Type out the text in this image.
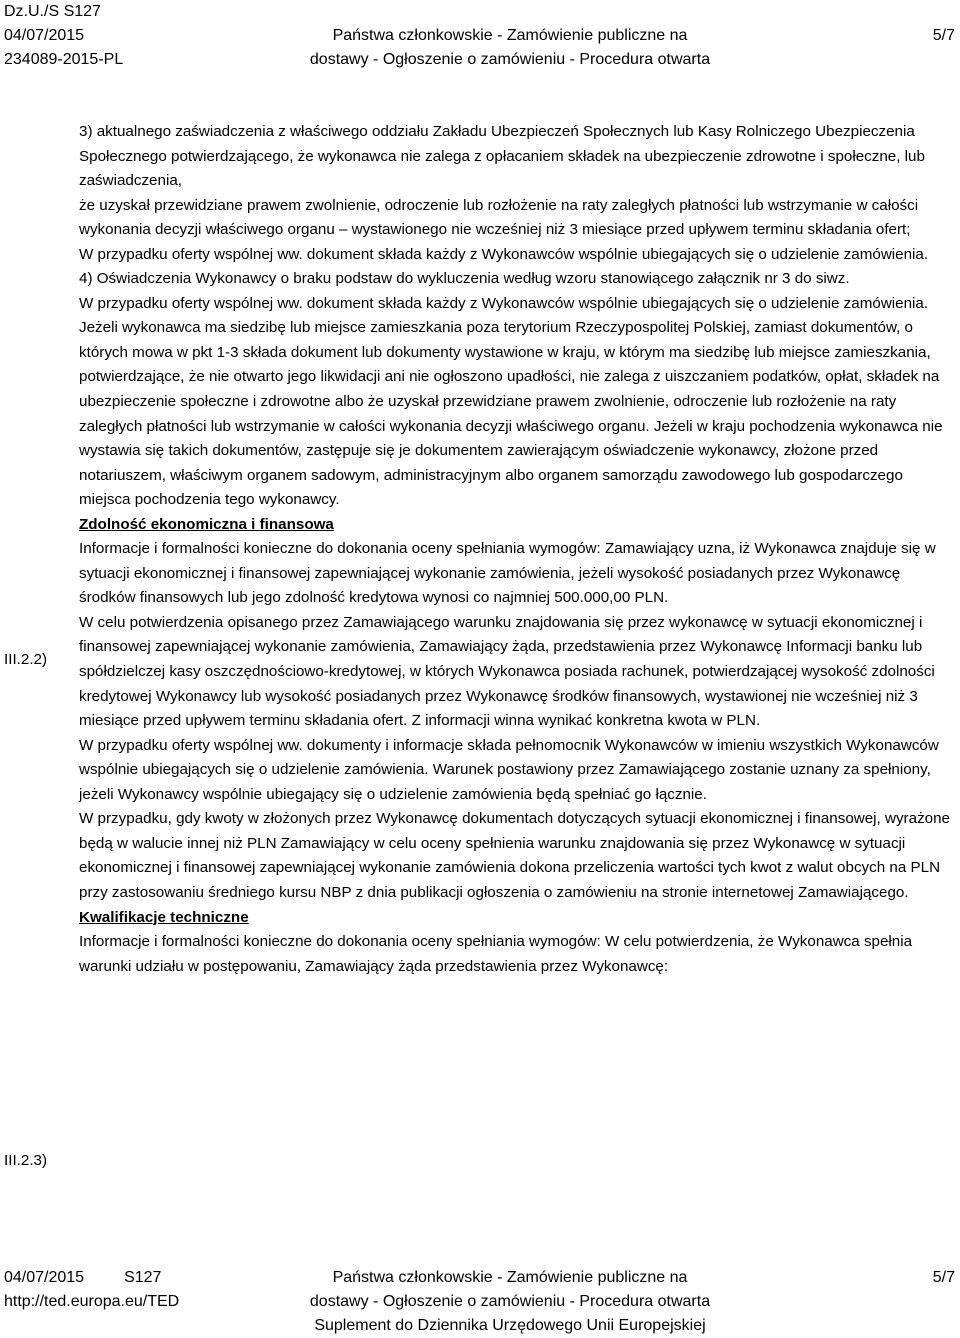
Dz.U./S S127
04/07/2015
234089-2015-PL
Państwa członkowskie - Zamówienie publiczne na
dostawy - Ogłoszenie o zamówieniu - Procedura otwarta
5/7
III.2.2)
III.2.3)

3) aktualnego zaświadczenia z właściwego oddziału Zakładu Ubezpieczeń Społecznych lub Kasy Rolniczego Ubezpieczenia Społecznego potwierdzającego, że wykonawca nie zalega z opłacaniem składek na ubezpieczenie zdrowotne i społeczne, lub zaświadczenia,

że uzyskał przewidziane prawem zwolnienie, odroczenie lub rozłożenie na raty zaległych płatności lub wstrzymanie w całości wykonania decyzji właściwego organu – wystawionego nie wcześniej niż 3 miesiące przed upływem terminu składania ofert;

W przypadku oferty wspólnej ww. dokument składa każdy z Wykonawców wspólnie ubiegających się o udzielenie zamówienia.

4) Oświadczenia Wykonawcy o braku podstaw do wykluczenia według wzoru stanowiącego załącznik nr 3 do siwz.

W przypadku oferty wspólnej ww. dokument składa każdy z Wykonawców wspólnie ubiegających się o udzielenie zamówienia.

Jeżeli wykonawca ma siedzibę lub miejsce zamieszkania poza terytorium Rzeczypospolitej Polskiej, zamiast dokumentów, o których mowa w pkt 1-3 składa dokument lub dokumenty wystawione w kraju, w którym ma siedzibę lub miejsce zamieszkania, potwierdzające, że nie otwarto jego likwidacji ani nie ogłoszono upadłości, nie zalega z uiszczaniem podatków, opłat, składek na ubezpieczenie społeczne i zdrowotne albo że uzyskał przewidziane prawem zwolnienie, odroczenie lub rozłożenie na raty zaległych płatności lub wstrzymanie w całości wykonania decyzji właściwego organu. Jeżeli w kraju pochodzenia wykonawca nie wystawia się takich dokumentów, zastępuje się je dokumentem zawierającym oświadczenie wykonawcy, złożone przed notariuszem, właściwym organem sadowym, administracyjnym albo organem samorządu zawodowego lub gospodarczego miejsca pochodzenia tego wykonawcy.

Zdolność ekonomiczna i finansowa

Informacje i formalności konieczne do dokonania oceny spełniania wymogów: Zamawiający uzna, iż Wykonawca znajduje się w sytuacji ekonomicznej i finansowej zapewniającej wykonanie zamówienia, jeżeli wysokość posiadanych przez Wykonawcę środków finansowych lub jego zdolność kredytowa wynosi co najmniej 500.000,00 PLN.

W celu potwierdzenia opisanego przez Zamawiającego warunku znajdowania się przez wykonawcę w sytuacji ekonomicznej i finansowej zapewniającej wykonanie zamówienia, Zamawiający żąda, przedstawienia przez Wykonawcę Informacji banku lub spółdzielczej kasy oszczędnościowo-kredytowej, w których Wykonawca posiada rachunek, potwierdzającej wysokość zdolności kredytowej Wykonawcy lub wysokość posiadanych przez Wykonawcę środków finansowych, wystawionej nie wcześniej niż 3 miesiące przed upływem terminu składania ofert. Z informacji winna wynikać konkretna kwota w PLN.

W przypadku oferty wspólnej ww. dokumenty i informacje składa pełnomocnik Wykonawców w imieniu wszystkich Wykonawców wspólnie ubiegających się o udzielenie zamówienia. Warunek postawiony przez Zamawiającego zostanie uznany za spełniony, jeżeli Wykonawcy wspólnie ubiegający się o udzielenie zamówienia będą spełniać go łącznie.

W przypadku, gdy kwoty w złożonych przez Wykonawcę dokumentach dotyczących sytuacji ekonomicznej i finansowej, wyrażone będą w walucie innej niż PLN Zamawiający w celu oceny spełnienia warunku znajdowania się przez Wykonawcę w sytuacji ekonomicznej i finansowej zapewniającej wykonanie zamówienia dokona przeliczenia wartości tych kwot z walut obcych na PLN przy zastosowaniu średniego kursu NBP z dnia publikacji ogłoszenia o zamówieniu na stronie internetowej Zamawiającego.

Kwalifikacje techniczne

Informacje i formalności konieczne do dokonania oceny spełniania wymogów: W celu potwierdzenia, że Wykonawca spełnia warunki udziału w postępowaniu, Zamawiający żąda przedstawienia przez Wykonawcę:

04/07/2015	S127
http://ted.europa.eu/TED
Państwa członkowskie - Zamówienie publiczne na
dostawy - Ogłoszenie o zamówieniu - Procedura otwarta
Suplement do Dziennika Urzędowego Unii Europejskiej
5/7
